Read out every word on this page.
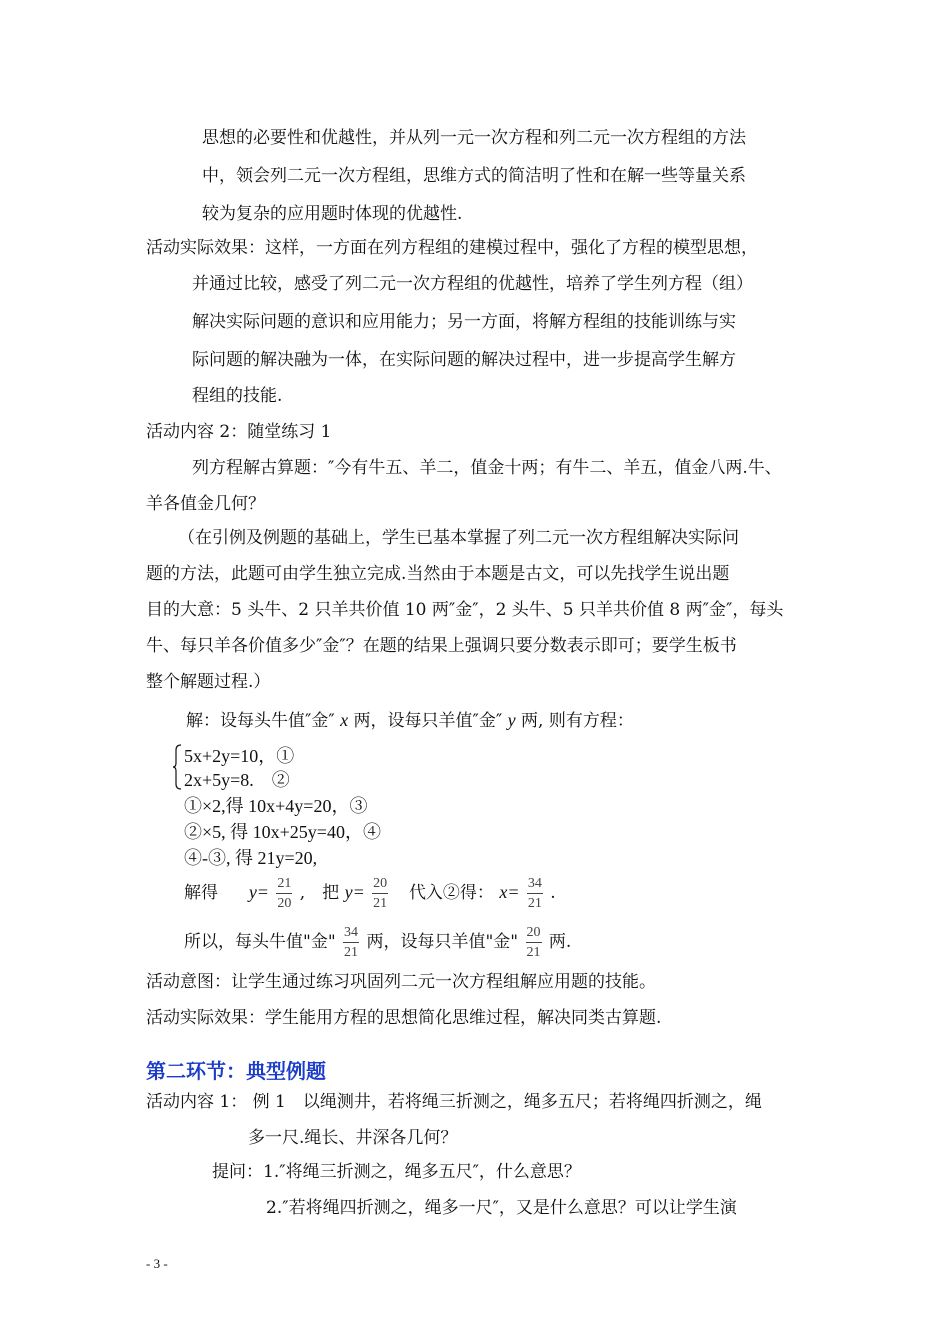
思想的必要性和优越性，并从列一元一次方程和列二元一次方程组的方法
中，领会列二元一次方程组，思维方式的简洁明了性和在解一些等量关系
较为复杂的应用题时体现的优越性.
活动实际效果：这样，一方面在列方程组的建模过程中，强化了方程的模型思想，
并通过比较，感受了列二元一次方程组的优越性，培养了学生列方程（组）
解决实际问题的意识和应用能力；另一方面，将解方程组的技能训练与实
际问题的解决融为一体，在实际问题的解决过程中，进一步提高学生解方
程组的技能.
活动内容 2：随堂练习 1
列方程解古算题：″今有牛五、羊二，值金十两；有牛二、羊五，值金八两.牛、
羊各值金几何？
（在引例及例题的基础上，学生已基本掌握了列二元一次方程组解决实际问
题的方法，此题可由学生独立完成.当然由于本题是古文，可以先找学生说出题
目的大意：5 头牛、2 只羊共价值 10 两″金″，2 头牛、5 只羊共价值 8 两″金″，每头
牛、每只羊各价值多少″金″？在题的结果上强调只要分数表示即可；要学生板书
整个解题过程.）
解：设每头牛值″金″ x 两，设每只羊值″金″ y 两, 则有方程：
5x+2y=10，①
2x+5y=8.　②
①×2,得 10x+4y=20，③
②×5, 得 10x+25y=40，④
④-③, 得 21y=20,
解得 $y= \frac{21}{20}$ ,　把 $y= \frac{20}{21}$ 代入②得： $x= \frac{34}{21}$ .
所以，每头牛值"金" $\frac{34}{21}$ 两，设每只羊值"金" $\frac{20}{21}$ 两.
活动意图：让学生通过练习巩固列二元一次方程组解应用题的技能。
活动实际效果：学生能用方程的思想简化思维过程，解决同类古算题.
第二环节：典型例题
活动内容 1： 例 1　以绳测井，若将绳三折测之，绳多五尺；若将绳四折测之，绳
多一尺.绳长、井深各几何？
提问：1.″将绳三折测之，绳多五尺″，什么意思？
2.″若将绳四折测之，绳多一尺″，又是什么意思？可以让学生演
- 3 -
